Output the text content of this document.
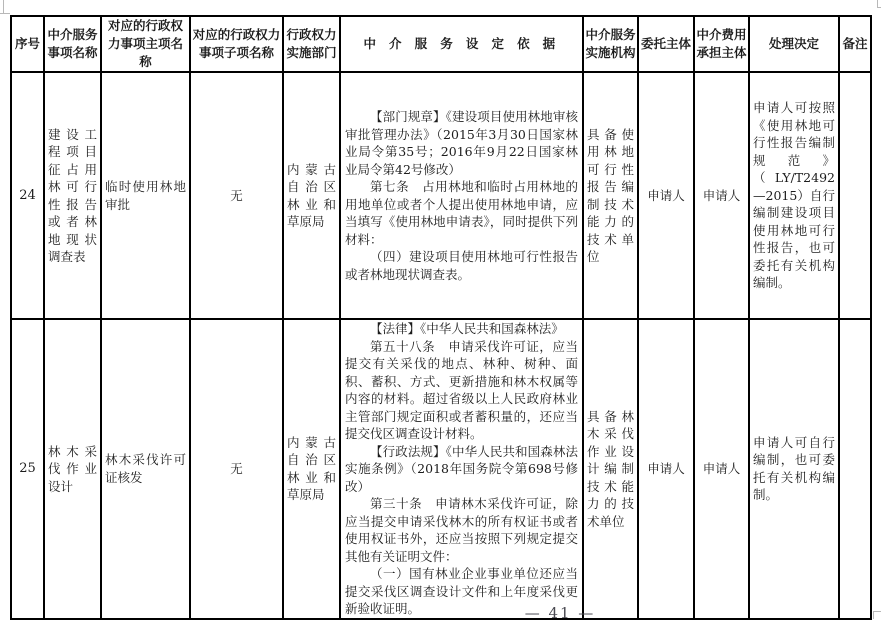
序号	中介服务事项名称	对应的行政权力事项主项名称	对应的行政权力事项子项名称	行政权力实施部门	中 介 服 务 设 定 依 据	中介服务实施机构	委托主体	中介费用承担主体	处理决定	备注
24	建设工程项目征占用林可行性报告或者林地现状调查表	临时使用林地审批	无	内蒙古自治区林业和草原局	【部门规章】《建设项目使用林地审核审批管理办法》（2015年3月30日国家林业局令第35号；2016年9月22日国家林业局令第42号修改）

第七条　占用林地和临时占用林地的用地单位或者个人提出使用林地申请，应当填写《使用林地申请表》，同时提供下列材料：

（四）建设项目使用林地可行性报告或者林地现状调查表。	具备使用林地可行性报告编制技术能力的技术单位	申请人	申请人	申请人可按照《使用林地可行性报告编制规范》（LY/T2492—2015）自行编制建设项目使用林地可行性报告，也可委托有关机构编制。	
25	林木采伐作业设计	林木采伐许可证核发	无	内蒙古自治区林业和草原局	【法律】《中华人民共和国森林法》

第五十八条　申请采伐许可证，应当提交有关采伐的地点、林种、树种、面积、蓄积、方式、更新措施和林木权属等内容的材料。超过省级以上人民政府林业主管部门规定面积或者蓄积量的，还应当提交伐区调查设计材料。

【行政法规】《中华人民共和国森林法实施条例》（2018年国务院令第698号修改）

第三十条　申请林木采伐许可证，除应当提交申请采伐林木的所有权证书或者使用权证书外，还应当按照下列规定提交其他有关证明文件：

（一）国有林业企业事业单位还应当提交采伐区调查设计文件和上年度采伐更新验收证明。	具备林木采伐作业设计编制技术能力的技术单位	申请人	申请人	申请人可自行编制，也可委托有关机构编制。	
— 41 —
